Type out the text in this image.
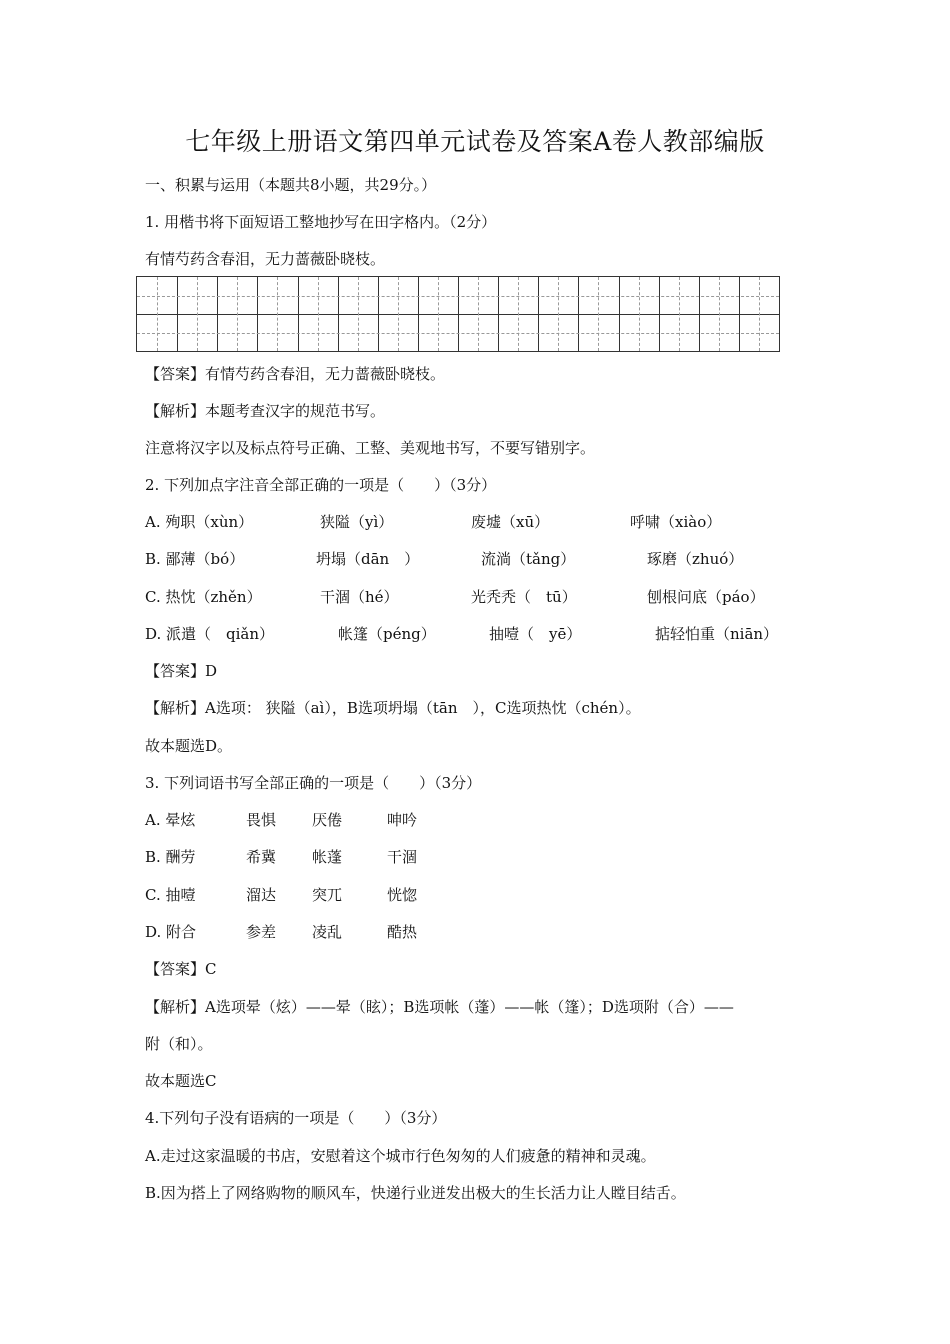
七年级上册语文第四单元试卷及答案A卷人教部编版
一、积累与运用（本题共8小题，共29分。）
1. 用楷书将下面短语工整地抄写在田字格内。（2分）
有情芍药含春泪，无力蔷薇卧晓枝。
【答案】有情芍药含春泪，无力蔷薇卧晓枝。
【解析】本题考查汉字的规范书写。
注意将汉字以及标点符号正确、工整、美观地书写，不要写错别字。
2. 下列加点字注音全部正确的一项是（　　）（3分）
A. 殉职（xùn）	狭隘（yì）	废墟（xū）	呼啸（xiào）
B. 鄙薄（bó）	坍塌（dān　）	流淌（tǎng）	琢磨（zhuó）
C. 热忱（zhěn）	干涸（hé）	光秃秃（　tū）	刨根问底（páo）
D. 派遣（　qiǎn）	帐篷（péng）	抽噎（　yē）	掂轻怕重（niān）
【答案】D
【解析】A选项： 狭隘（aì），B选项坍塌（tān　），C选项热忱（chén）。
故本题选D。
3. 下列词语书写全部正确的一项是（　　）（3分）
A. 晕炫	畏惧 厌倦	呻吟
B. 酬劳	希冀 帐蓬	干涸
C. 抽噎	溜达 突兀	恍惚
D. 附合	参差 凌乱	酷热
【答案】C
【解析】A选项晕（炫）——晕（眩）；B选项帐（蓬）——帐（篷）；D选项附（合）——
附（和）。
故本题选C
4.下列句子没有语病的一项是（　　）（3分）
A.走过这家温暖的书店，安慰着这个城市行色匆匆的人们疲惫的精神和灵魂。
B.因为搭上了网络购物的顺风车，快递行业迸发出极大的生长活力让人瞠目结舌。
